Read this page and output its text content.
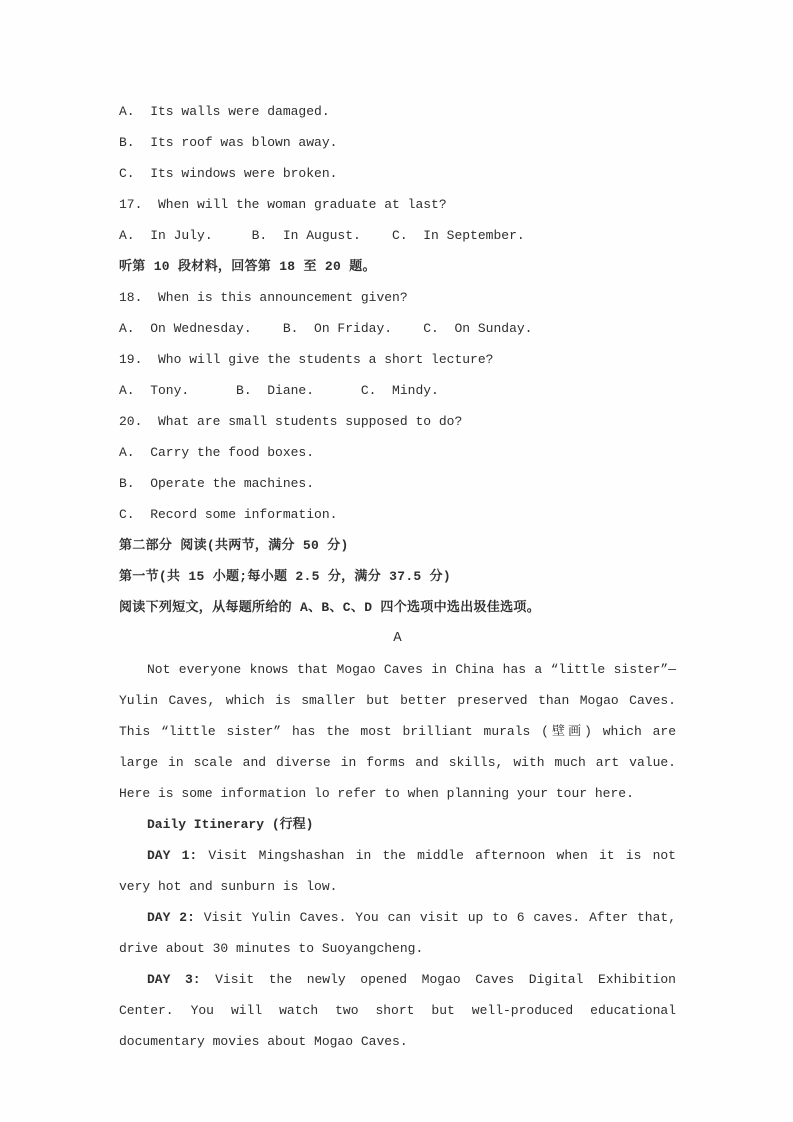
A.  Its walls were damaged.
B.  Its roof was blown away.
C.  Its windows were broken.
17.  When will the woman graduate at last?
A.  In July.     B.  In August.    C.  In September.
听第 10 段材料，回答第 18 至 20 题。
18.  When is this announcement given?
A.  On Wednesday.    B.  On Friday.    C.  On Sunday.
19.  Who will give the students a short lecture?
A.  Tony.      B.  Diane.      C.  Mindy.
20.  What are small students supposed to do?
A.  Carry the food boxes.
B.  Operate the machines.
C.  Record some information.
第二部分 阅读(共两节，满分 50 分)
第一节(共 15 小题;每小题 2.5 分，满分 37.5 分)
阅读下列短文，从每题所给的 A、B、C、D 四个选项中选出圾佳选项。
A
Not everyone knows that Mogao Caves in China has a “little sister”—Yulin Caves, which is smaller but better preserved than Mogao Caves. This “little sister” has the most brilliant murals (壁画) which are large in scale and diverse in forms and skills, with much art value. Here is some information lo refer to when planning your tour here.
Daily Itinerary (行程)
DAY 1: Visit Mingshashan in the middle afternoon when it is not very hot and sunburn is low.
DAY 2: Visit Yulin Caves. You can visit up to 6 caves. After that, drive about 30 minutes to Suoyangcheng.
DAY 3: Visit the newly opened Mogao Caves Digital Exhibition Center. You will watch two short but well-produced educational documentary movies about Mogao Caves.
